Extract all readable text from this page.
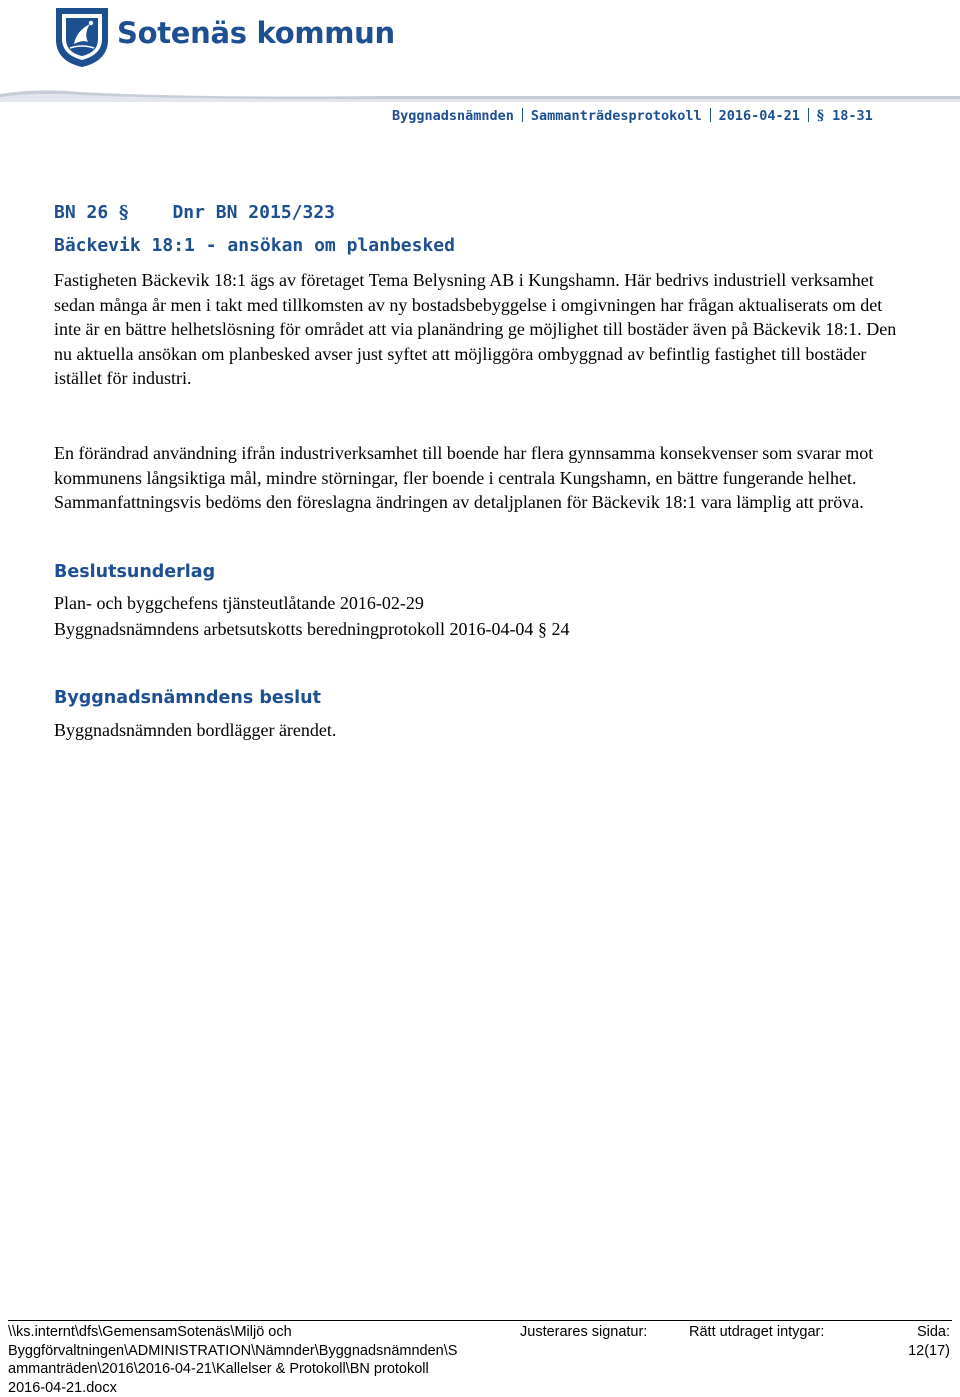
Sotenäs kommun
Byggnadsnämnden Sammanträdesprotokoll 2016-04-21 § 18-31
BN 26 § Dnr BN 2015/323
Bäckevik 18:1 - ansökan om planbesked

Fastigheten Bäckevik 18:1 ägs av företaget Tema Belysning AB i Kungshamn. Här bedrivs industriell verksamhet sedan många år men i takt med tillkomsten av ny bostadsbebyggelse i omgivningen har frågan aktualiserats om det inte är en bättre helhetslösning för området att via planändring ge möjlighet till bostäder även på Bäckevik 18:1. Den nu aktuella ansökan om planbesked avser just syftet att möjliggöra ombyggnad av befintlig fastighet till bostäder istället för industri.

En förändrad användning ifrån industriverksamhet till boende har flera gynnsamma konsekvenser som svarar mot kommunens långsiktiga mål, mindre störningar, fler boende i centrala Kungshamn, en bättre fungerande helhet. Sammanfattningsvis bedöms den föreslagna ändringen av detaljplanen för Bäckevik 18:1 vara lämplig att pröva.

Beslutsunderlag
Plan- och byggchefens tjänsteutlåtande 2016-02-29
Byggnadsnämndens arbetsutskotts beredningprotokoll 2016-04-04 § 24
Byggnadsnämndens beslut
Byggnadsnämnden bordlägger ärendet.
\\ks.internt\dfs\GemensamSotenäs\Miljö och
Byggförvaltningen\ADMINISTRATION\Nämnder\Byggnadsnämnden\S
ammanträden\2016\2016-04-21\Kallelser & Protokoll\BN protokoll
2016-04-21.docx
Justerares signatur:	Rätt utdraget intygar:	Sida:
12(17)
